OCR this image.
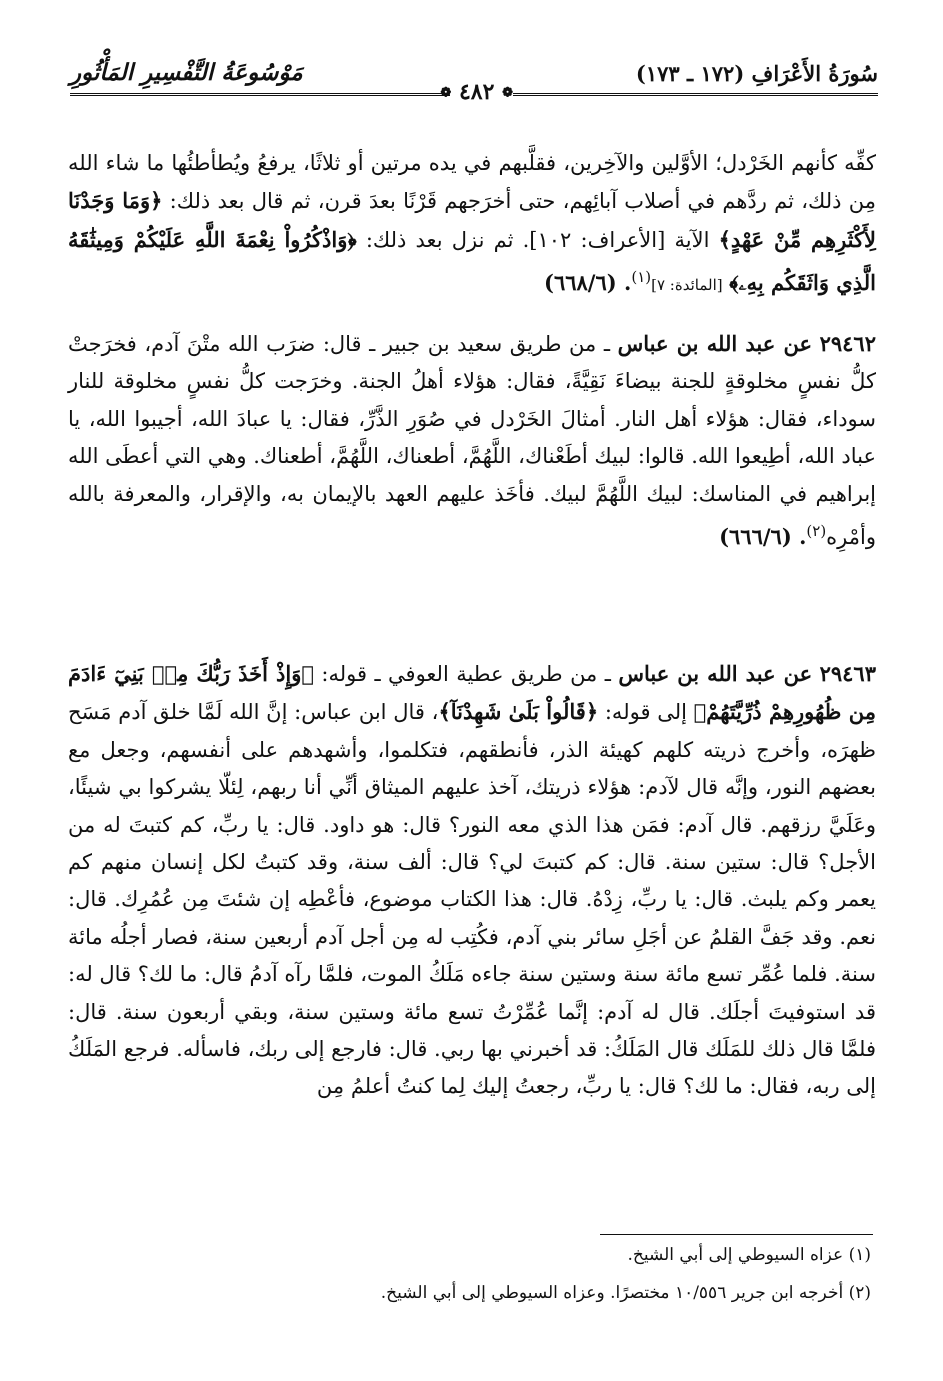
سُورَةُ الأَعْرَافِ (١٧٢ ـ ١٧٣)
مَوْسُوعَةُ التَّفْسِيرِ المَأْثُورِ
❁ ٤٨٢ ❁

كفِّه كأنهم الخَرْدل؛ الأوَّلين والآخِرين، فقلَّبهم في يده مرتين أو ثلاثًا، يرفعُ ويُطأطئُها ما شاء الله مِن ذلك، ثم ردَّهم في أصلاب آبائِهم، حتى أخرَجهم قَرْنًا بعدَ قرن، ثم قال بعد ذلك: ﴿وَمَا وَجَدْنَا لِأَكْثَرِهِم مِّنْ عَهْدٍ﴾ الآية [الأعراف: ١٠٢]. ثم نزل بعد ذلك: ﴿وَاذْكُرُواْ نِعْمَةَ اللَّهِ عَلَيْكُمْ وَمِيثَٰقَهُ الَّذِي وَاثَقَكُم بِهِۦ﴾ [المائدة: ٧]$^{(١)}$. (٦٦٨/٦)

٢٩٤٦٢ عن عبد الله بن عباس ـ من طريق سعيد بن جبير ـ قال: ضرَب الله متْنَ آدم، فخرَجتْ كلُّ نفسٍ مخلوقةٍ للجنة بيضاءَ نَقِيَّةً، فقال: هؤلاء أهلُ الجنة. وخرَجت كلُّ نفسٍ مخلوقة للنار سوداء، فقال: هؤلاء أهل النار. أمثالَ الخَرْدل في صُوَرِ الذَّرِّ، فقال: يا عبادَ الله، أجيبوا الله، يا عباد الله، أطِيعوا الله. قالوا: لبيك أطَعْناك، اللَّهُمَّ، أطعناك، اللَّهُمَّ، أطعناك. وهي التي أعطَى الله إبراهيم في المناسك: لبيك اللَّهُمَّ لبيك. فأخَذ عليهم العهد بالإيمان به، والإقرار، والمعرفة بالله وأمْرِه$^{(٢)}$. (٦٦٦/٦)

٢٩٤٦٣ عن عبد الله بن عباس ـ من طريق عطية العوفي ـ قوله: ﴿وَإِذْ أَخَذَ رَبُّكَ مِنۢ بَنِيٓ ءَادَمَ مِن ظُهُورِهِمْ ذُرِّيَّتَهُمْ﴾ إلى قوله: ﴿قَالُواْ بَلَىٰ شَهِدْنَآ﴾، قال ابن عباس: إنَّ الله لَمَّا خلق آدم مَسَح ظهرَه، وأخرج ذريته كلهم كهيئة الذر، فأنطقهم، فتكلموا، وأشهدهم على أنفسهم، وجعل مع بعضهم النور، وإنَّه قال لآدم: هؤلاء ذريتك، آخذ عليهم الميثاق أنِّي أنا ربهم، لِئلّا يشركوا بي شيئًا، وعَلَيَّ رزقهم. قال آدم: فمَن هذا الذي معه النور؟ قال: هو داود. قال: يا ربِّ، كم كتبتَ له من الأجل؟ قال: ستين سنة. قال: كم كتبتَ لي؟ قال: ألف سنة، وقد كتبتُ لكل إنسان منهم كم يعمر وكم يلبث. قال: يا ربِّ، زِدْهُ. قال: هذا الكتاب موضوع، فأعْطِه إن شئتَ مِن عُمُرِك. قال: نعم. وقد جَفَّ القلمُ عن أجَلِ سائر بني آدم، فكُتِب له مِن أجل آدم أربعين سنة، فصار أجلُه مائة سنة. فلما عُمِّر تسع مائة سنة وستين سنة جاءه مَلَكُ الموت، فلمَّا رآه آدمُ قال: ما لك؟ قال له: قد استوفيتَ أجلَك. قال له آدم: إنَّما عُمِّرْتُ تسع مائة وستين سنة، وبقي أربعون سنة. قال: فلمَّا قال ذلك للمَلَك قال المَلَكُ: قد أخبرني بها ربي. قال: فارجع إلى ربك، فاسأله. فرجع المَلَكُ إلى ربه، فقال: ما لك؟ قال: يا ربِّ، رجعتُ إليك لِما كنتُ أعلمُ مِن

(١) عزاه السيوطي إلى أبي الشيخ.
(٢) أخرجه ابن جرير ١٠/٥٥٦ مختصرًا. وعزاه السيوطي إلى أبي الشيخ.
